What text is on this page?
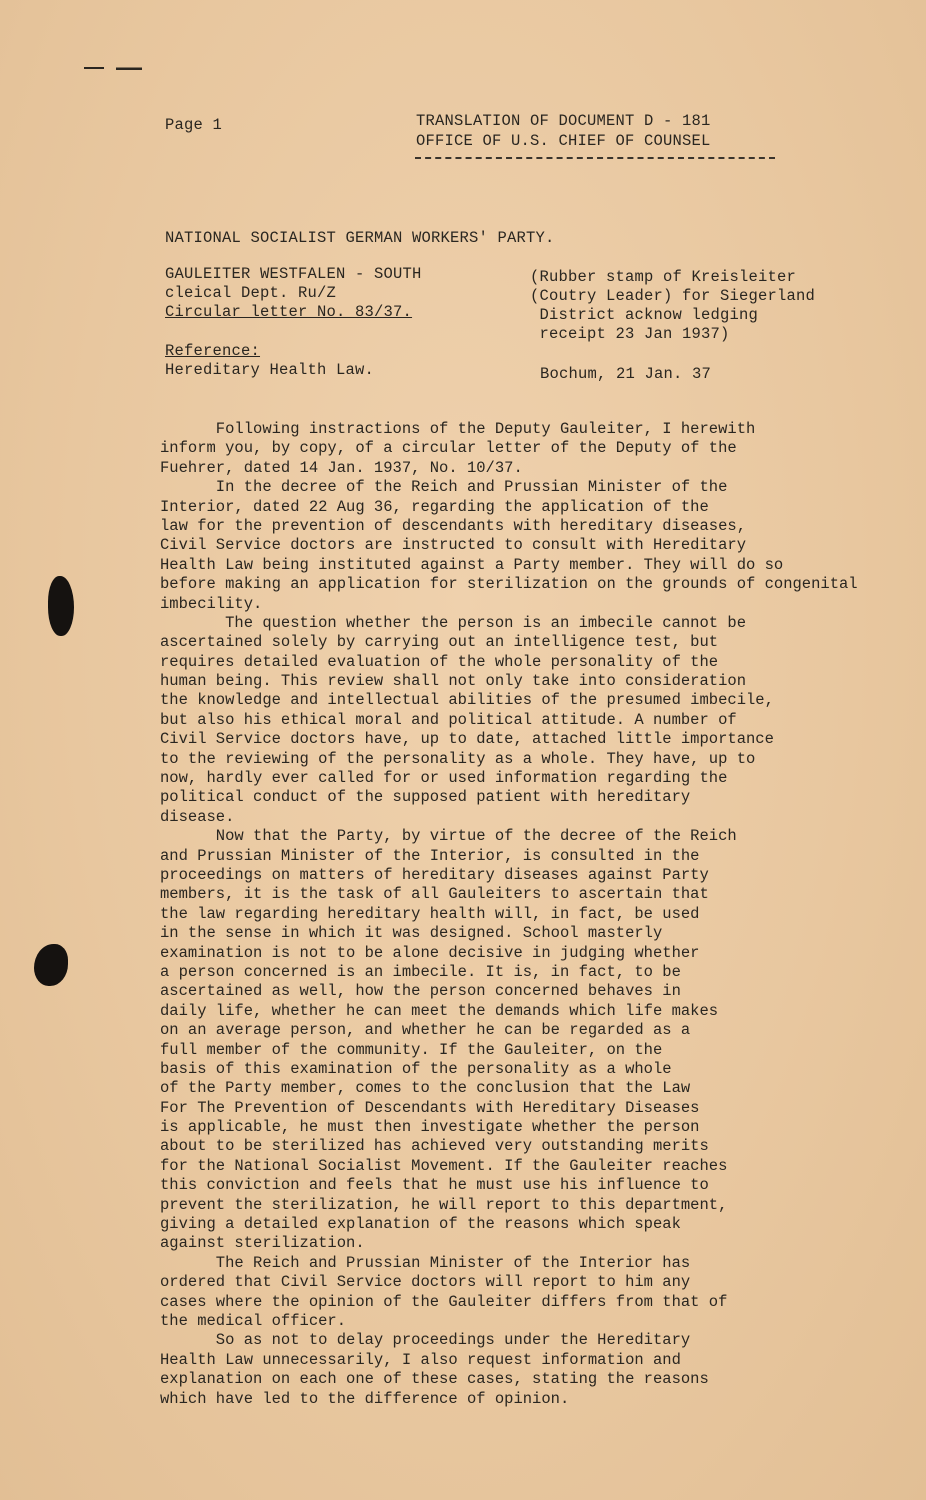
Page 1	TRANSLATION OF DOCUMENT D - 181
OFFICE OF U.S. CHIEF OF COUNSEL
NATIONAL SOCIALIST GERMAN WORKERS' PARTY.
GAULEITER WESTFALEN - SOUTH
cleical Dept. Ru/Z
Circular letter No. 83/37.
Reference:
Hereditary Health Law.
(Rubber stamp of Kreisleiter
(Coutry Leader) for Siegerland
District acknow ledging
receipt 23 Jan 1937)
Bochum, 21 Jan. 37
Following instractions of the Deputy Gauleiter, I herewith
inform you, by copy, of a circular letter of the Deputy of the
Fuehrer, dated 14 Jan. 1937, No. 10/37.
In the decree of the Reich and Prussian Minister of the
Interior, dated 22 Aug 36, regarding the application of the
law for the prevention of descendants with hereditary diseases,
Civil Service doctors are instructed to consult with Hereditary
Health Law being instituted against a Party member. They will do so
before making an application for sterilization on the grounds of congenital
imbecility.
The question whether the person is an imbecile cannot be
ascertained solely by carrying out an intelligence test, but
requires detailed evaluation of the whole personality of the
human being. This review shall not only take into consideration
the knowledge and intellectual abilities of the presumed imbecile,
but also his ethical moral and political attitude. A number of
Civil Service doctors have, up to date, attached little importance
to the reviewing of the personality as a whole. They have, up to
now, hardly ever called for or used information regarding the
political conduct of the supposed patient with hereditary
disease.
Now that the Party, by virtue of the decree of the Reich
and Prussian Minister of the Interior, is consulted in the
proceedings on matters of hereditary diseases against Party
members, it is the task of all Gauleiters to ascertain that
the law regarding hereditary health will, in fact, be used
in the sense in which it was designed. School masterly
examination is not to be alone decisive in judging whether
a person concerned is an imbecile. It is, in fact, to be
ascertained as well, how the person concerned behaves in
daily life, whether he can meet the demands which life makes
on an average person, and whether he can be regarded as a
full member of the community. If the Gauleiter, on the
basis of this examination of the personality as a whole
of the Party member, comes to the conclusion that the Law
For The Prevention of Descendants with Hereditary Diseases
is applicable, he must then investigate whether the person
about to be sterilized has achieved very outstanding merits
for the National Socialist Movement. If the Gauleiter reaches
this conviction and feels that he must use his influence to
prevent the sterilization, he will report to this department,
giving a detailed explanation of the reasons which speak
against sterilization.
The Reich and Prussian Minister of the Interior has
ordered that Civil Service doctors will report to him any
cases where the opinion of the Gauleiter differs from that of
the medical officer.
So as not to delay proceedings under the Hereditary
Health Law unnecessarily, I also request information and
explanation on each one of these cases, stating the reasons
which have led to the difference of opinion.
